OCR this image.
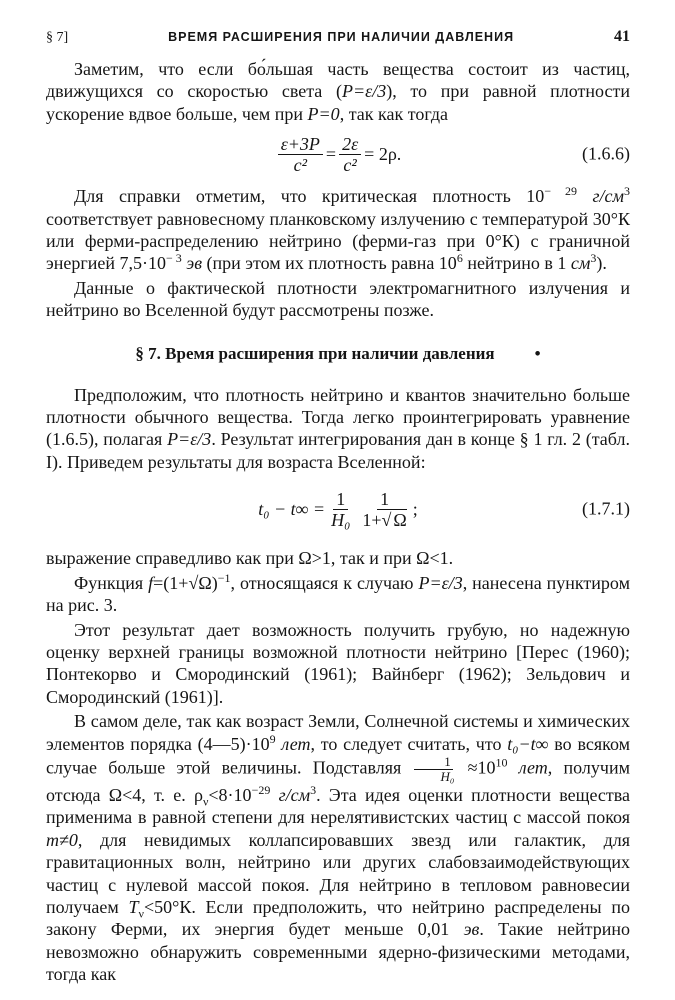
§ 7]	ВРЕМЯ РАСШИРЕНИЯ ПРИ НАЛИЧИИ ДАВЛЕНИЯ	41

Заметим, что если бо́льшая часть вещества состоит из частиц, движущихся со скоростью света (P=ε/3), то при равной плотности ускорение вдвое больше, чем при P=0, так как тогда

$\frac{\varepsilon+3P}{\text{c²}} = \frac{2\varepsilon}{\text{c²}} = 2\rho$.	(1.6.6)

Для справки отметим, что критическая плотность $10^{- 29}$ $г/см^3$ соответствует равновесному планковскому излучению с температурой 30°К или ферми-распределению нейтрино (ферми-газ при 0°К) с граничной энергией $7,5\cdot 10^{- 3}$ эв (при этом их плотность равна $10^6$ нейтрино в 1 $см^3$).

Данные о фактической плотности электромагнитного излучения и нейтрино во Вселенной будут рассмотрены позже.

§ 7. Время расширения при наличии давления •

Предположим, что плотность нейтрино и квантов значительно больше плотности обычного вещества. Тогда легко проинтегрировать уравнение (1.6.5), полагая P=ε/3. Результат интегрирования дан в конце § 1 гл. 2 (табл. I). Приведем результаты для возраста Вселенной:

$t_0 - t\infty = \frac{1}{\text{H₀}} \frac{1}{1+√ \Omega}$ ;	(1.7.1)

выражение справедливо как при Ω>1, так и при Ω<1.

Функция $f=(1+√\Omega)^{-1}$, относящаяся к случаю P=ε/3, нанесена пунктиром на рис. 3.

Этот результат дает возможность получить грубую, но надежную оценку верхней границы возможной плотности нейтрино [Перес (1960); Понтекорво и Смородинский (1961); Вайнберг (1962); Зельдович и Смородинский (1961)].

В самом деле, так как возраст Земли, Солнечной системы и химических элементов порядка $(4—5)\cdot 10^9$ лет, то следует считать, что t₀−t∞ во всяком случае больше этой величины. Подставляя $\frac{1}{\text{H₀}} \approx 10^{10}$ лет, получим отсюда Ω<4, т. е. $\rho_\nu<8\cdot 10^{-29}$ $г/см^3$. Эта идея оценки плотности вещества применима в равной степени для нерелятивистских частиц с массой покоя m≠0, для невидимых коллапсировавших звезд или галактик, для гравитационных волн, нейтрино или других слабовзаимодействующих частиц с нулевой массой покоя. Для нейтрино в тепловом равновесии получаем $T_\nu<50^\circ К$. Если предположить, что нейтрино распределены по закону Ферми, их энергия будет меньше 0,01 эв. Такие нейтрино невозможно обнаружить современными ядерно-физическими методами, тогда как
